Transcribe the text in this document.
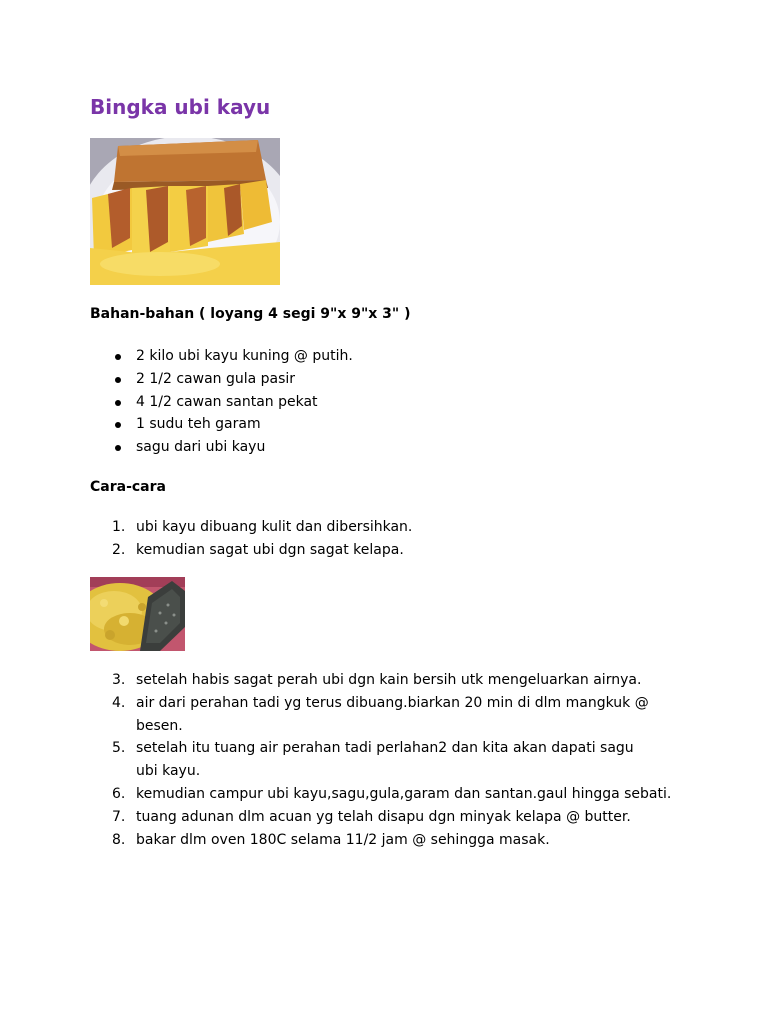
Bingka ubi kayu
Bahan-bahan ( loyang 4 segi 9"x 9"x 3" )
2 kilo ubi kayu kuning @ putih.
2 1/2 cawan gula pasir
4 1/2 cawan santan pekat
1 sudu teh garam
sagu dari ubi kayu
Cara-cara
1. ubi kayu dibuang kulit dan dibersihkan.
2. kemudian sagat ubi dgn sagat kelapa.
3. setelah habis sagat perah ubi dgn kain bersih utk mengeluarkan airnya.
4. air dari perahan tadi yg terus dibuang.biarkan 20 min di dlm mangkuk @ besen.
5. setelah itu tuang air perahan tadi perlahan2 dan kita akan dapati sagu ubi kayu.
6. kemudian campur ubi kayu,sagu,gula,garam dan santan.gaul hingga sebati.
7. tuang adunan dlm acuan yg telah disapu dgn minyak kelapa @ butter.
8. bakar dlm oven 180C selama 11/2 jam @ sehingga masak.
